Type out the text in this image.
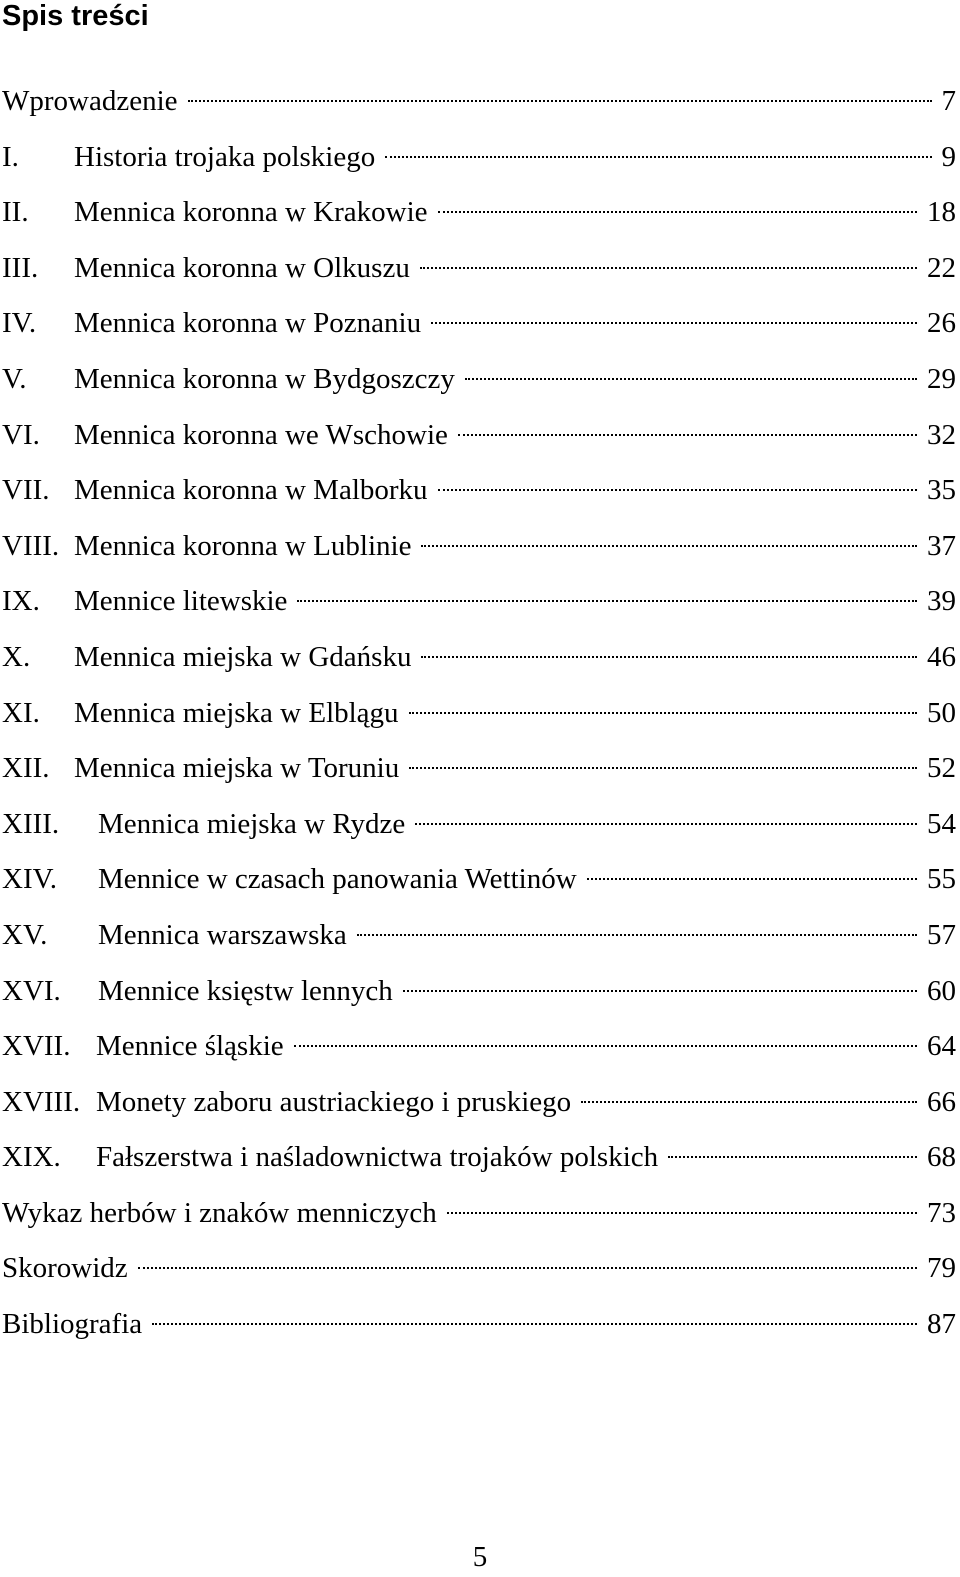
Spis treści
Wprowadzenie	7
I.	Historia trojaka polskiego	9
II.	Mennica koronna w Krakowie	18
III.	Mennica koronna w Olkuszu	22
IV.	Mennica koronna w Poznaniu	26
V.	Mennica koronna w Bydgoszczy	29
VI.	Mennica koronna we Wschowie	32
VII. Mennica koronna w Malborku	35
VIII. Mennica koronna w Lublinie	37
IX.	Mennice litewskie	39
X.	Mennica miejska w Gdańsku	46
XI.	Mennica miejska w Elblągu	50
XII. Mennica miejska w Toruniu	52
XIII.	Mennica miejska w Rydze	54
XIV.	Mennice w czasach panowania Wettinów	55
XV.	Mennica warszawska	57
XVI.	Mennice księstw lennych	60
XVII. Mennice śląskie	64
XVIII. Monety zaboru austriackiego i pruskiego	66
XIX.	Fałszerstwa i naśladownictwa trojaków polskich	68
Wykaz herbów i znaków menniczych	73
Skorowidz	79
Bibliografia	87
5
